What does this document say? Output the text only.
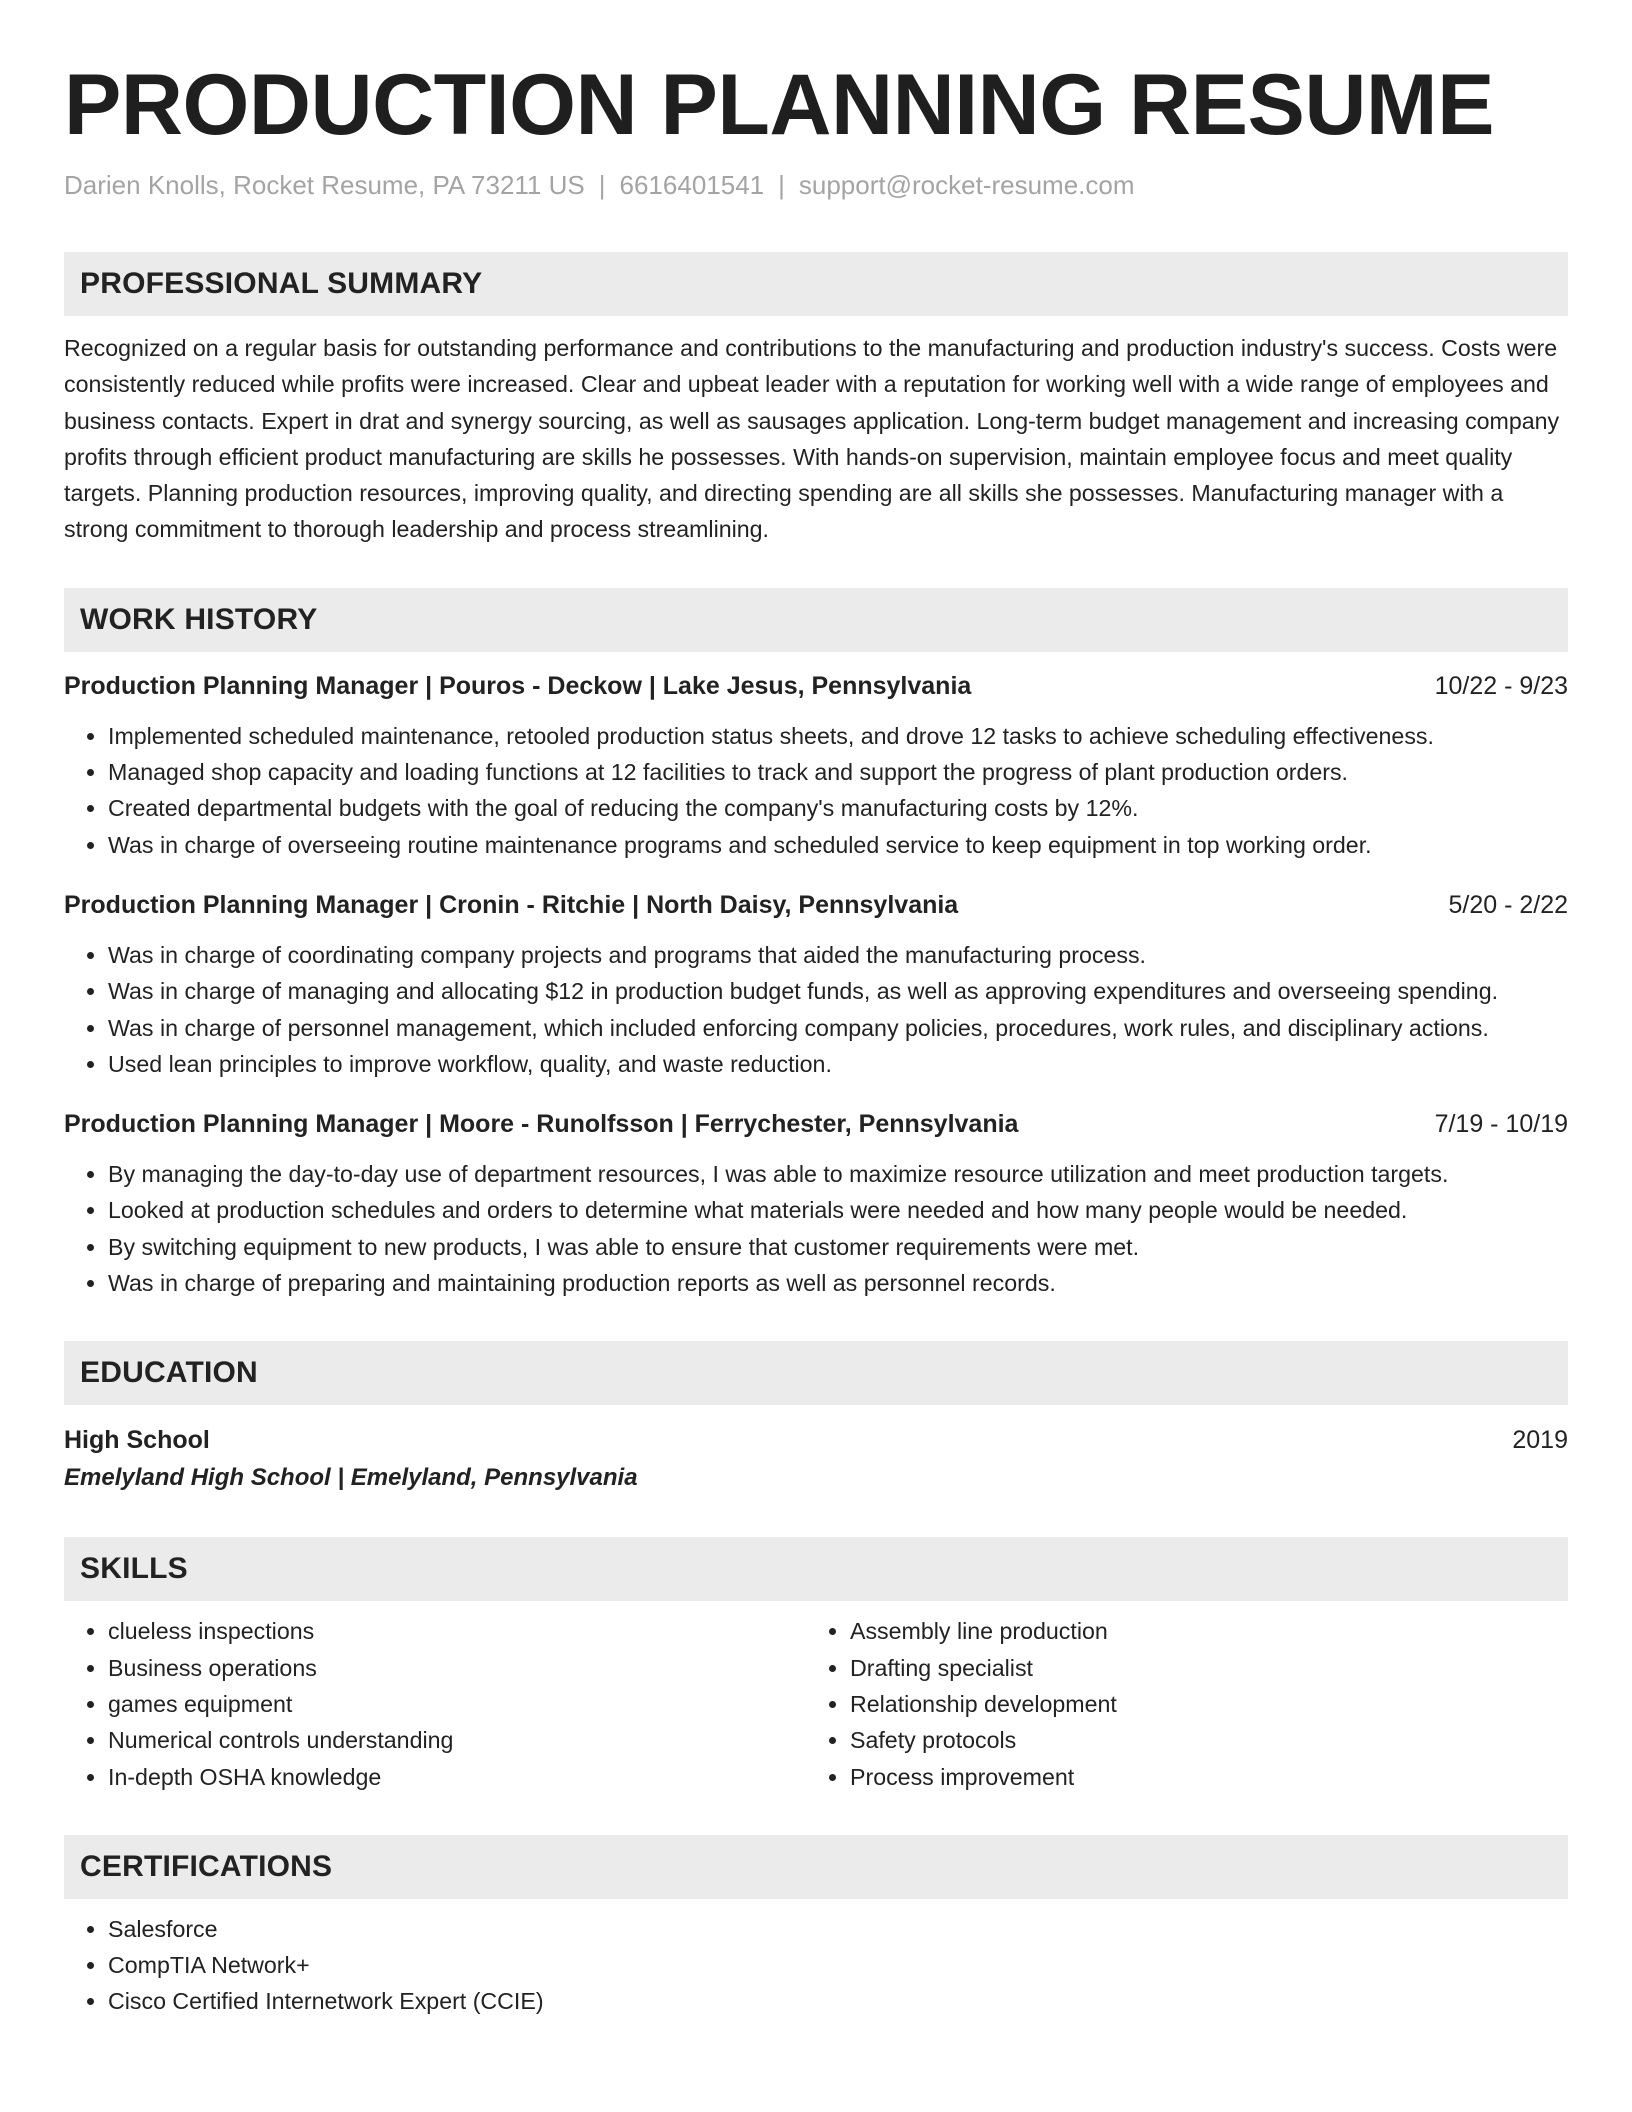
PRODUCTION PLANNING RESUME
Darien Knolls, Rocket Resume, PA 73211 US | 6616401541 | support@rocket-resume.com
PROFESSIONAL SUMMARY
Recognized on a regular basis for outstanding performance and contributions to the manufacturing and production industry's success. Costs were consistently reduced while profits were increased. Clear and upbeat leader with a reputation for working well with a wide range of employees and business contacts. Expert in drat and synergy sourcing, as well as sausages application. Long-term budget management and increasing company profits through efficient product manufacturing are skills he possesses. With hands-on supervision, maintain employee focus and meet quality targets. Planning production resources, improving quality, and directing spending are all skills she possesses. Manufacturing manager with a strong commitment to thorough leadership and process streamlining.
WORK HISTORY
Production Planning Manager | Pouros - Deckow | Lake Jesus, Pennsylvania	10/22 - 9/23
• Implemented scheduled maintenance, retooled production status sheets, and drove 12 tasks to achieve scheduling effectiveness.
• Managed shop capacity and loading functions at 12 facilities to track and support the progress of plant production orders.
• Created departmental budgets with the goal of reducing the company's manufacturing costs by 12%.
• Was in charge of overseeing routine maintenance programs and scheduled service to keep equipment in top working order.
Production Planning Manager | Cronin - Ritchie | North Daisy, Pennsylvania	5/20 - 2/22
• Was in charge of coordinating company projects and programs that aided the manufacturing process.
• Was in charge of managing and allocating $12 in production budget funds, as well as approving expenditures and overseeing spending.
• Was in charge of personnel management, which included enforcing company policies, procedures, work rules, and disciplinary actions.
• Used lean principles to improve workflow, quality, and waste reduction.
Production Planning Manager | Moore - Runolfsson | Ferrychester, Pennsylvania	7/19 - 10/19
• By managing the day-to-day use of department resources, I was able to maximize resource utilization and meet production targets.
• Looked at production schedules and orders to determine what materials were needed and how many people would be needed.
• By switching equipment to new products, I was able to ensure that customer requirements were met.
• Was in charge of preparing and maintaining production reports as well as personnel records.
EDUCATION
High School	2019
Emelyland High School | Emelyland, Pennsylvania
SKILLS
• clueless inspections
• Business operations
• games equipment
• Numerical controls understanding
• In-depth OSHA knowledge
• Assembly line production
• Drafting specialist
• Relationship development
• Safety protocols
• Process improvement
CERTIFICATIONS
• Salesforce
• CompTIA Network+
• Cisco Certified Internetwork Expert (CCIE)
